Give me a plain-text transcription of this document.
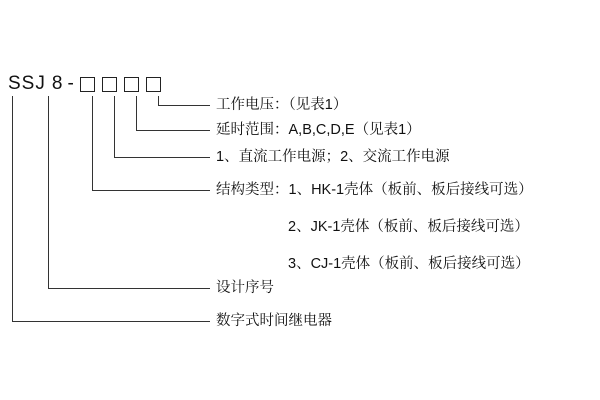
SSJ 8 -
工作电压：（见表1）
延时范围：A,B,C,D,E（见表1）
1、直流工作电源；2、交流工作电源
结构类型：1、HK-1壳体（板前、板后接线可选）
2、JK-1壳体（板前、板后接线可选）
3、CJ-1壳体（板前、板后接线可选）
设计序号
数字式时间继电器
